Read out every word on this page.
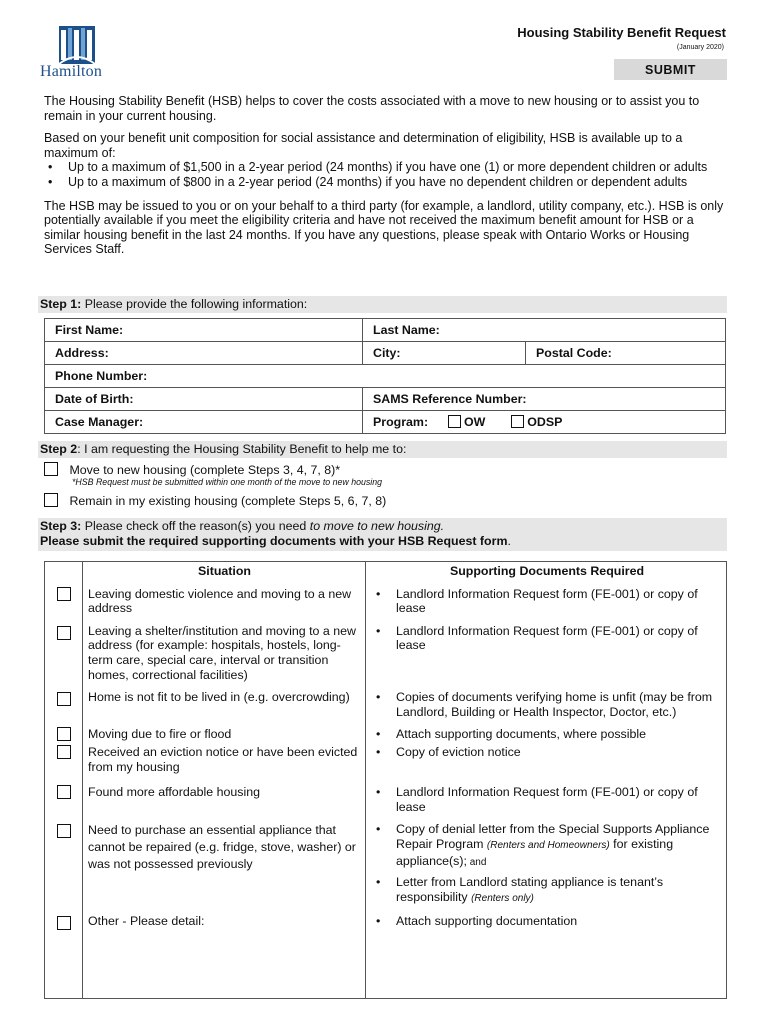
Hamilton
Housing Stability Benefit Request
(January 2020)
SUBMIT

The Housing Stability Benefit (HSB) helps to cover the costs associated with a move to new housing or to assist you to remain in your current housing.

Based on your benefit unit composition for social assistance and determination of eligibility, HSB is available up to a maximum of:

• Up to a maximum of $1,500 in a 2-year period (24 months) if you have one (1) or more dependent children or adults
• Up to a maximum of $800 in a 2-year period (24 months) if you have no dependent children or dependent adults

The HSB may be issued to you or on your behalf to a third party (for example, a landlord, utility company, etc.). HSB is only potentially available if you meet the eligibility criteria and have not received the maximum benefit amount for HSB or a similar housing benefit in the last 24 months. If you have any questions, please speak with Ontario Works or Housing Services Staff.

Step 1: Please provide the following information:
First Name:	Last Name:	
Address:	City:	Postal Code:
Phone Number:		
Date of Birth:	SAMS Reference Number:	
Case Manager:	Program: OW ODSP	
Step 2: I am requesting the Housing Stability Benefit to help me to:
Move to new housing (complete Steps 3, 4, 7, 8)*
*HSB Request must be submitted within one month of the move to new housing
Remain in my existing housing (complete Steps 5, 6, 7, 8)
Step 3: Please check off the reason(s) you need to move to new housing.
Please submit the required supporting documents with your HSB Request form.
	Situation	Supporting Documents Required
	Leaving domestic violence and moving to a new address	• Landlord Information Request form (FE-001) or copy of lease

	Leaving a shelter/institution and moving to a new address (for example: hospitals, hostels, long-term care, special care, interval or transition homes, correctional facilities)	• Landlord Information Request form (FE-001) or copy of lease

	Home is not fit to be lived in (e.g. overcrowding)	• Copies of documents verifying home is unfit (may be from Landlord, Building or Health Inspector, Doctor, etc.)

	Moving due to fire or flood	• Attach supporting documents, where possible

	Received an eviction notice or have been evicted from my housing	• Copy of eviction notice

	Found more affordable housing	• Landlord Information Request form (FE-001) or copy of lease

	Need to purchase an essential appliance that cannot be repaired (e.g. fridge, stove, washer) or was not possessed previously	• Copy of denial letter from the Special Supports Appliance Repair Program (Renters and Homeowners) for existing appliance(s); and
• Letter from Landlord stating appliance is tenant’s responsibility (Renters only)

	Other - Please detail:	• Attach supporting documentation
